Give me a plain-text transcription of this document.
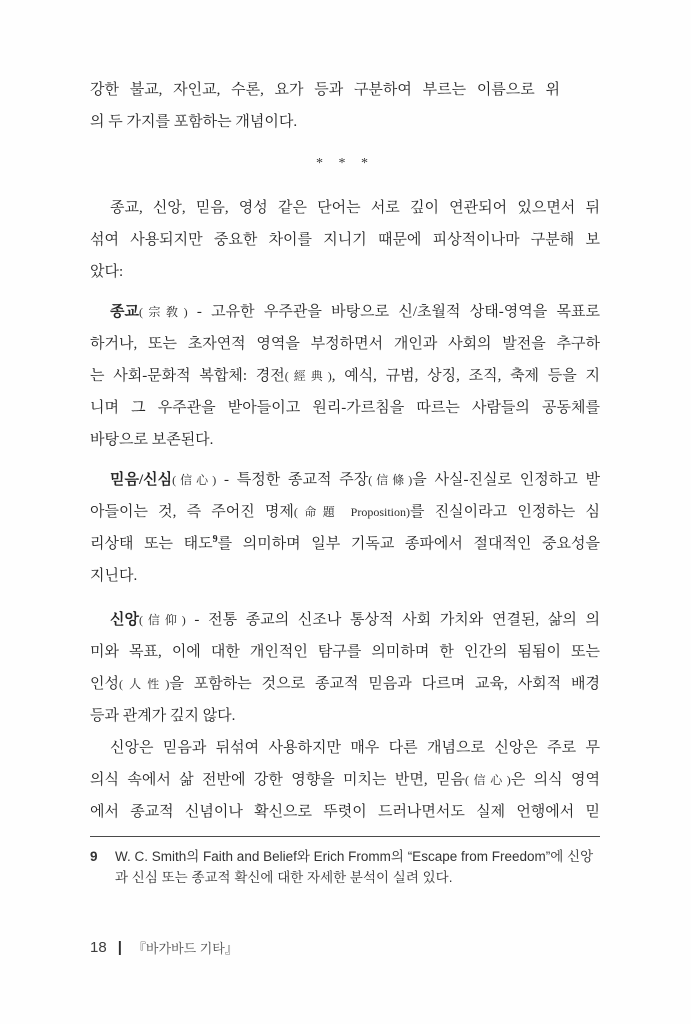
강한 불교, 자인교, 수론, 요가 등과 구분하여 부르는 이름으로 위
의 두 가지를 포함하는 개념이다.
* * *
종교, 신앙, 믿음, 영성 같은 단어는 서로 깊이 연관되어 있으면서 뒤
섞여 사용되지만 중요한 차이를 지니기 때문에 피상적이나마 구분해 보
았다:
종교(宗敎) - 고유한 우주관을 바탕으로 신/초월적 상태-영역을 목표로
하거나, 또는 초자연적 영역을 부정하면서 개인과 사회의 발전을 추구하
는 사회-문화적 복합체: 경전(經典), 예식, 규범, 상징, 조직, 축제 등을 지
니며 그 우주관을 받아들이고 원리-가르침을 따르는 사람들의 공동체를
바탕으로 보존된다.
믿음/신심(信心) - 특정한 종교적 주장(信條)을 사실-진실로 인정하고 받
아들이는 것, 즉 주어진 명제(命題 Proposition)를 진실이라고 인정하는 심
리상태 또는 태도$^9$를 의미하며 일부 기독교 종파에서 절대적인 중요성을
지닌다.
신앙(信仰) - 전통 종교의 신조나 통상적 사회 가치와 연결된, 삶의 의
미와 목표, 이에 대한 개인적인 탐구를 의미하며 한 인간의 됨됨이 또는
인성(人性)을 포함하는 것으로 종교적 믿음과 다르며 교육, 사회적 배경
등과 관계가 깊지 않다.
신앙은 믿음과 뒤섞여 사용하지만 매우 다른 개념으로 신앙은 주로 무
의식 속에서 삶 전반에 강한 영향을 미치는 반면, 믿음(信心)은 의식 영역
에서 종교적 신념이나 확신으로 뚜렷이 드러나면서도 실제 언행에서 믿
9	W. C. Smith의 Faith and Belief와 Erich Fromm의 “Escape from Freedom”에 신앙
과 신심 또는 종교적 확신에 대한 자세한 분석이 실려 있다.
18 | 『바가바드 기타』
